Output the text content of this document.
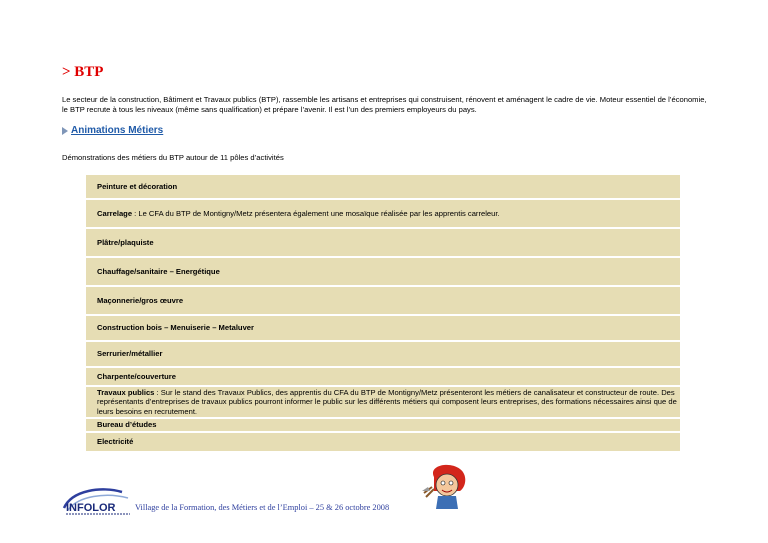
> BTP

Le secteur de la construction, Bâtiment et Travaux publics (BTP), rassemble les artisans et entreprises qui construisent, rénovent et aménagent le cadre de vie. Moteur essentiel de l’économie, le BTP recrute à tous les niveaux (même sans qualification) et prépare l’avenir. Il est l’un des premiers employeurs du pays.

Animations Métiers

Démonstrations des métiers du BTP autour de 11 pôles d’activités

Peinture et décoration
Carrelage : Le CFA du BTP de Montigny/Metz présentera également une mosaïque réalisée par les apprentis carreleur.
Plâtre/plaquiste
Chauffage/sanitaire – Energétique
Maçonnerie/gros œuvre
Construction bois – Menuiserie – Metaluver
Serrurier/métallier
Charpente/couverture
Travaux publics : Sur le stand des Travaux Publics, des apprentis du CFA du BTP de Montigny/Metz présenteront les métiers de canalisateur et constructeur de route. Des représentants d’entreprises de travaux publics pourront informer le public sur les différents métiers qui composent leurs entreprises, des formations nécessaires ainsi que de leurs besoins en recrutement.
Bureau d’études
Electricité
INFOLOR Village de la Formation, des Métiers et de l’Emploi – 25 & 26 octobre 2008
